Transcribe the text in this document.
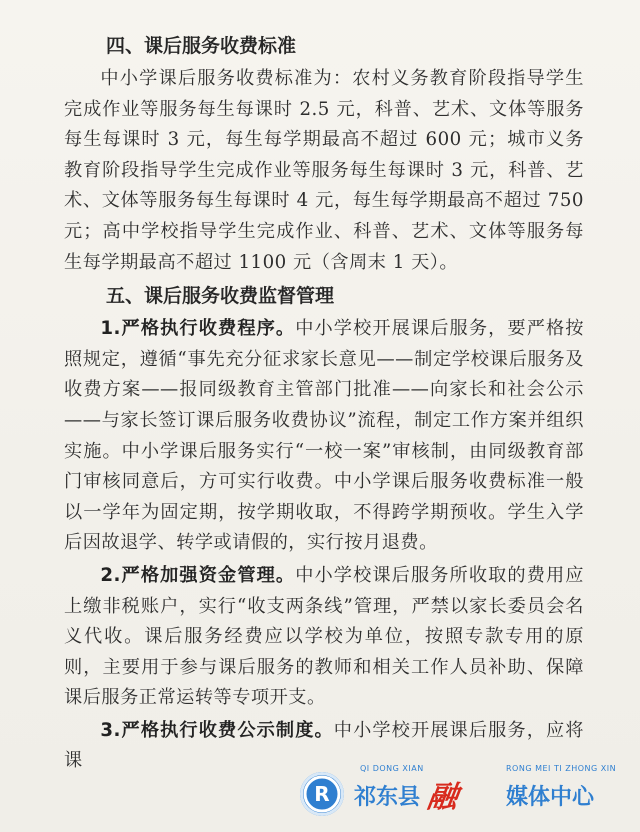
四、课后服务收费标准

中小学课后服务收费标准为：农村义务教育阶段指导学生完成作业等服务每生每课时 2.5 元，科普、艺术、文体等服务每生每课时 3 元，每生每学期最高不超过 600 元；城市义务教育阶段指导学生完成作业等服务每生每课时 3 元，科普、艺术、文体等服务每生每课时 4 元，每生每学期最高不超过 750 元；高中学校指导学生完成作业、科普、艺术、文体等服务每生每学期最高不超过 1100 元（含周末 1 天）。

五、课后服务收费监督管理

1.严格执行收费程序。中小学校开展课后服务，要严格按照规定，遵循“事先充分征求家长意见——制定学校课后服务及收费方案——报同级教育主管部门批准——向家长和社会公示——与家长签订课后服务收费协议”流程，制定工作方案并组织实施。中小学课后服务实行“一校一案”审核制，由同级教育部门审核同意后，方可实行收费。中小学课后服务收费标准一般以一学年为固定期，按学期收取，不得跨学期预收。学生入学后因故退学、转学或请假的，实行按月退费。

2.严格加强资金管理。中小学校课后服务所收取的费用应上缴非税账户，实行“收支两条线”管理，严禁以家长委员会名义代收。课后服务经费应以学校为单位，按照专款专用的原则，主要用于参与课后服务的教师和相关工作人员补助、保障课后服务正常运转等专项开支。

3.严格执行收费公示制度。中小学校开展课后服务，应将课

R
QI DONG XIAN
祁东县 融
RONG MEI TI ZHONG XIN
媒体中心
